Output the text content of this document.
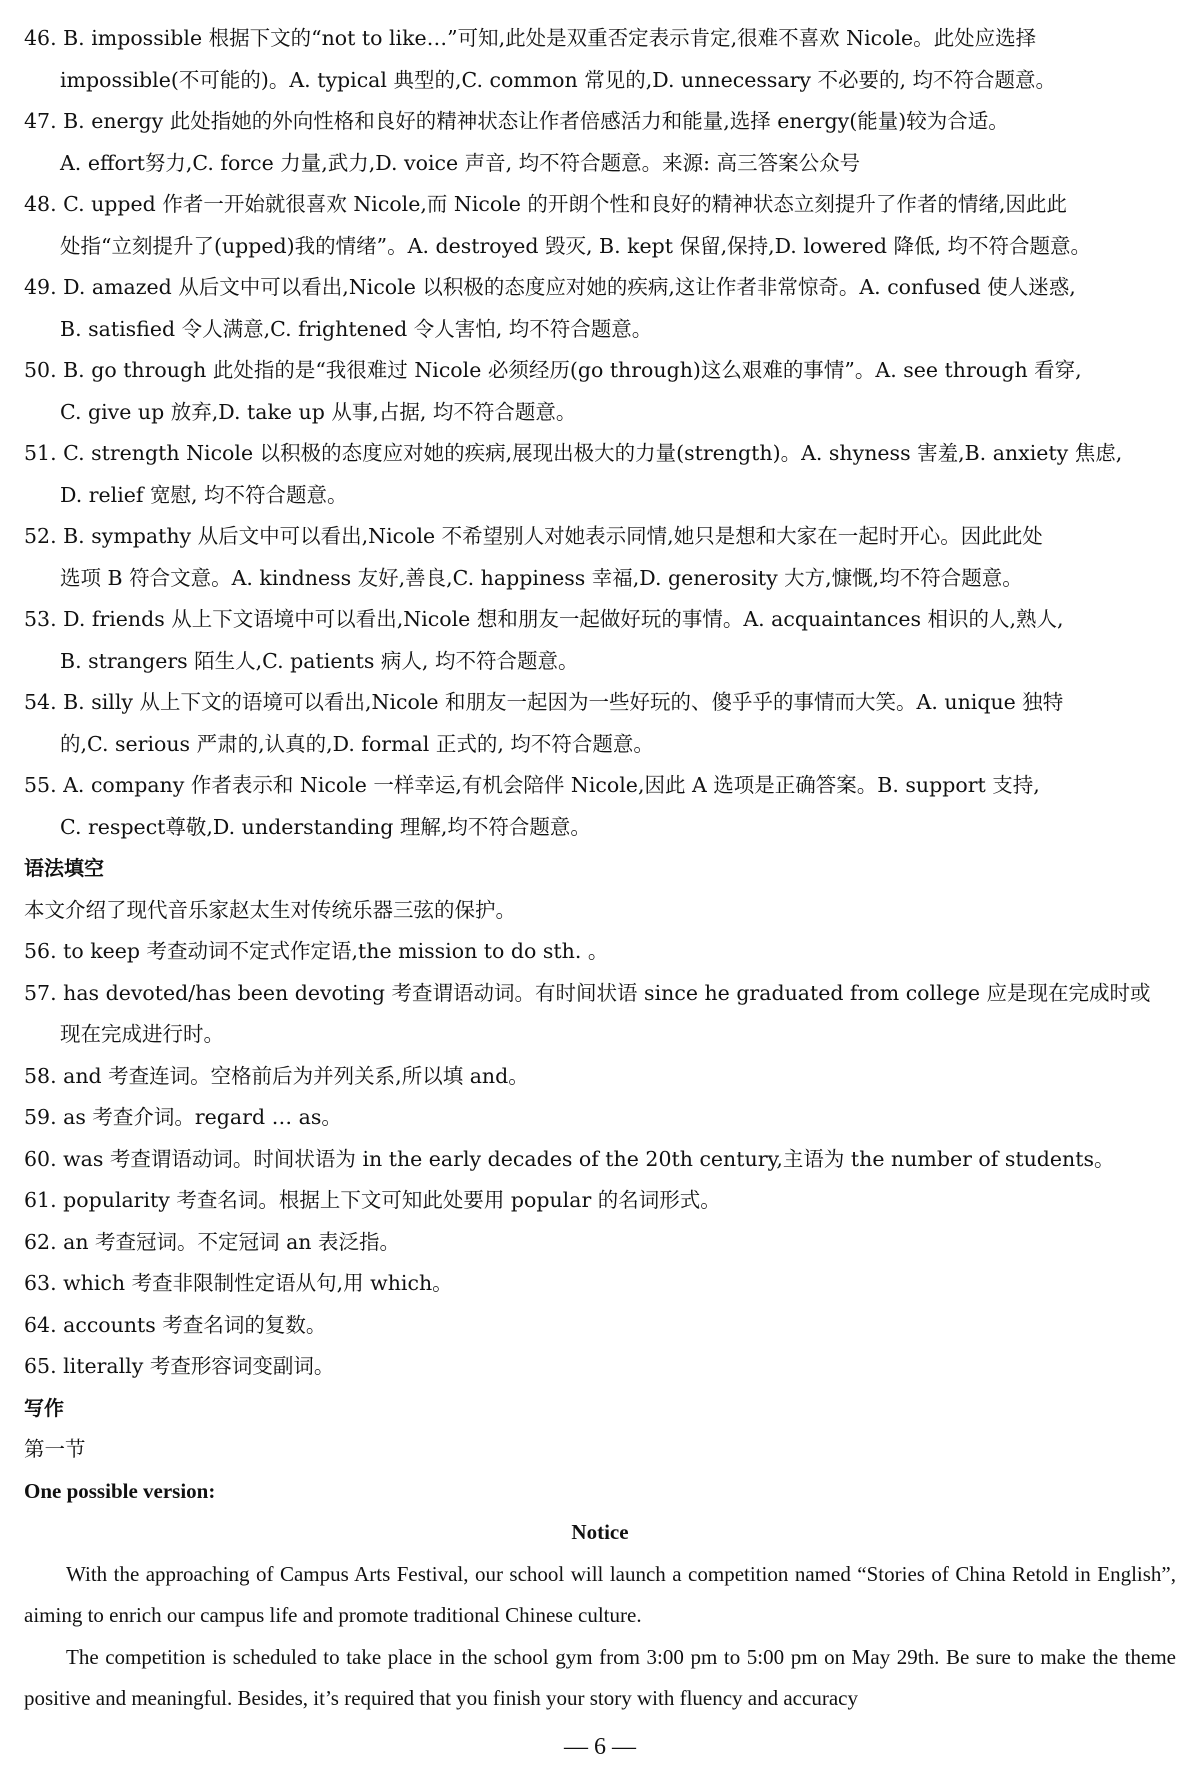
46. B. impossible 根据下文的“not to like…”可知,此处是双重否定表示肯定,很难不喜欢 Nicole。此处应选择
impossible(不可能的)。A. typical 典型的,C. common 常见的,D. unnecessary 不必要的, 均不符合题意。
47. B. energy 此处指她的外向性格和良好的精神状态让作者倍感活力和能量,选择 energy(能量)较为合适。
A. effort努力,C. force 力量,武力,D. voice 声音, 均不符合题意。来源: 高三答案公众号
48. C. upped 作者一开始就很喜欢 Nicole,而 Nicole 的开朗个性和良好的精神状态立刻提升了作者的情绪,因此此
处指“立刻提升了(upped)我的情绪”。A. destroyed 毁灭, B. kept 保留,保持,D. lowered 降低, 均不符合题意。
49. D. amazed 从后文中可以看出,Nicole 以积极的态度应对她的疾病,这让作者非常惊奇。A. confused 使人迷惑,
B. satisfied 令人满意,C. frightened 令人害怕, 均不符合题意。
50. B. go through 此处指的是“我很难过 Nicole 必须经历(go through)这么艰难的事情”。A. see through 看穿,
C. give up 放弃,D. take up 从事,占据, 均不符合题意。
51. C. strength Nicole 以积极的态度应对她的疾病,展现出极大的力量(strength)。A. shyness 害羞,B. anxiety 焦虑,
D. relief 宽慰, 均不符合题意。
52. B. sympathy 从后文中可以看出,Nicole 不希望别人对她表示同情,她只是想和大家在一起时开心。因此此处
选项 B 符合文意。A. kindness 友好,善良,C. happiness 幸福,D. generosity 大方,慷慨,均不符合题意。
53. D. friends 从上下文语境中可以看出,Nicole 想和朋友一起做好玩的事情。A. acquaintances 相识的人,熟人,
B. strangers 陌生人,C. patients 病人, 均不符合题意。
54. B. silly 从上下文的语境可以看出,Nicole 和朋友一起因为一些好玩的、傻乎乎的事情而大笑。A. unique 独特
的,C. serious 严肃的,认真的,D. formal 正式的, 均不符合题意。
55. A. company 作者表示和 Nicole 一样幸运,有机会陪伴 Nicole,因此 A 选项是正确答案。B. support 支持,
C. respect尊敬,D. understanding 理解,均不符合题意。
语法填空
本文介绍了现代音乐家赵太生对传统乐器三弦的保护。
56. to keep 考查动词不定式作定语,the mission to do sth. 。
57. has devoted/has been devoting 考查谓语动词。有时间状语 since he graduated from college 应是现在完成时或
现在完成进行时。
58. and 考查连词。空格前后为并列关系,所以填 and。
59. as 考查介词。regard … as。
60. was 考查谓语动词。时间状语为 in the early decades of the 20th century,主语为 the number of students。
61. popularity 考查名词。根据上下文可知此处要用 popular 的名词形式。
62. an 考查冠词。不定冠词 an 表泛指。
63. which 考查非限制性定语从句,用 which。
64. accounts 考查名词的复数。
65. literally 考查形容词变副词。
写作
第一节
One possible version:
Notice
With the approaching of Campus Arts Festival, our school will launch a competition named “Stories of China Retold in English”, aiming to enrich our campus life and promote traditional Chinese culture.
The competition is scheduled to take place in the school gym from 3:00 pm to 5:00 pm on May 29th. Be sure to make the theme positive and meaningful. Besides, it’s required that you finish your story with fluency and accuracy
— 6 —
